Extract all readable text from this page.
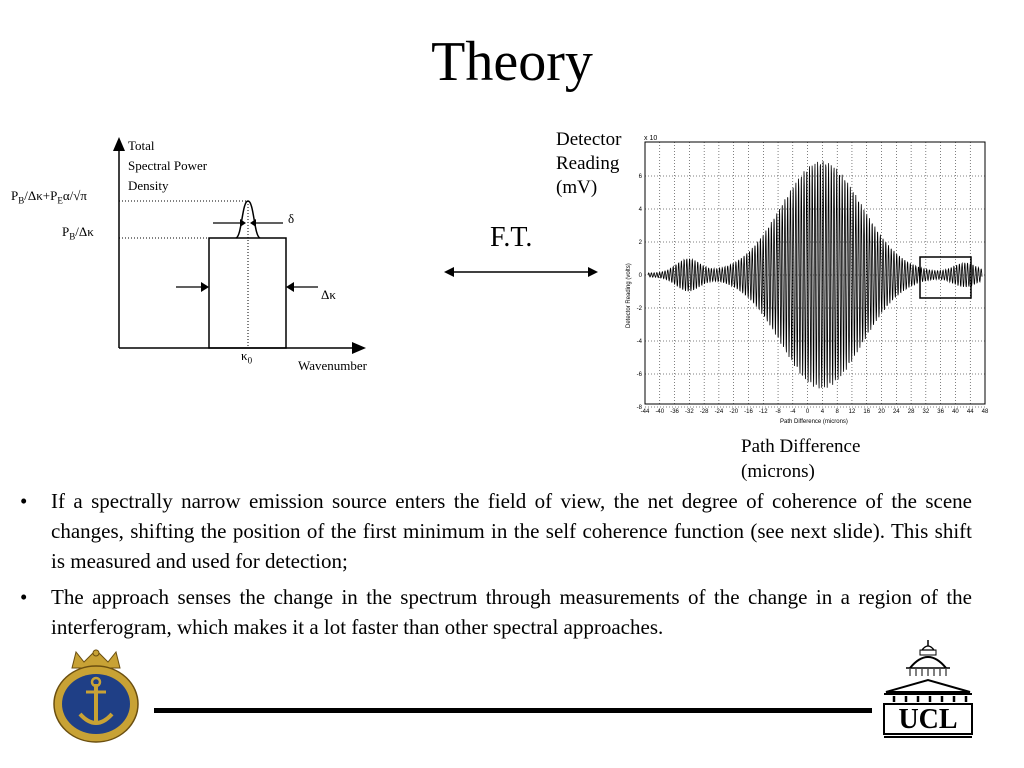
Theory
Total
Spectral Power
Density
$P_B/\Delta\kappa+P_E\alpha/√\pi$
$P_B/\Delta\kappa$
δ
Δκ
$\kappa_0$	Wavenumber
F.T.
Detector
Reading
(mV)	6
4
2
0
-2
-4
-6
-8
-44 -40 -36 -32 -28 -24 -20 -16 -12 -8 -4 0 4 8 12 16 20 24 28 32 36 40 44 48
x 10
Detector Reading (volts)
Path Difference (microns)
Path Difference
(microns)
•	If a spectrally narrow emission source enters the field of view, the net degree of coherence of the scene changes, shifting the position of the first minimum in the self coherence function (see next slide). This shift is measured and used for detection;
•	The approach senses the change in the spectrum through measurements of the change in a region of the interferogram, which makes it a lot faster than other spectral approaches.
UCL
